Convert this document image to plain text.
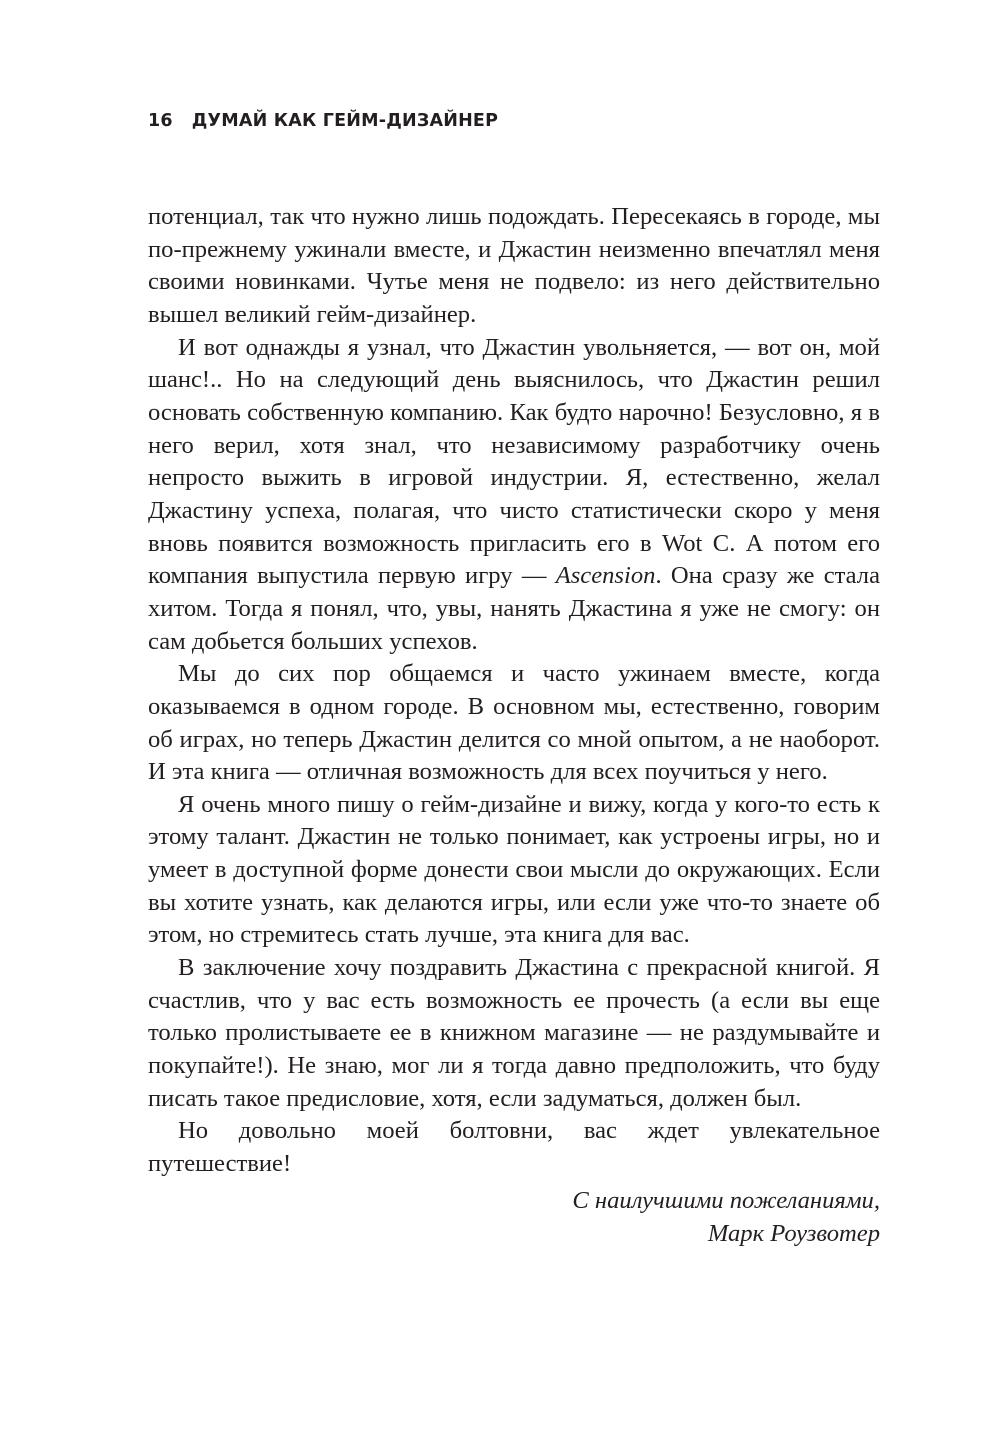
16 ДУМАЙ КАК ГЕЙМ-ДИЗАЙНЕР

потенциал, так что нужно лишь подождать. Пересекаясь в городе, мы по-прежнему ужинали вместе, и Джастин неизменно впечатлял меня своими новинками. Чутье меня не подвело: из него действительно вышел великий гейм-дизайнер.

И вот однажды я узнал, что Джастин увольняется, — вот он, мой шанс!.. Но на следующий день выяснилось, что Джастин решил основать собственную компанию. Как будто нарочно! Безусловно, я в него верил, хотя знал, что независимому разработчику очень непросто выжить в игровой индустрии. Я, естественно, желал Джастину успеха, полагая, что чисто статистически скоро у меня вновь появится возможность пригласить его в Wot C. А потом его компания выпустила первую игру — Ascension. Она сразу же стала хитом. Тогда я понял, что, увы, нанять Джастина я уже не смогу: он сам добьется больших успехов.

Мы до сих пор общаемся и часто ужинаем вместе, когда оказываемся в одном городе. В основном мы, естественно, говорим об играх, но теперь Джастин делится со мной опытом, а не наоборот. И эта книга — отличная возможность для всех поучиться у него.

Я очень много пишу о гейм-дизайне и вижу, когда у кого-то есть к этому талант. Джастин не только понимает, как устроены игры, но и умеет в доступной форме донести свои мысли до окружающих. Если вы хотите узнать, как делаются игры, или если уже что-то знаете об этом, но стремитесь стать лучше, эта книга для вас.

В заключение хочу поздравить Джастина с прекрасной книгой. Я счастлив, что у вас есть возможность ее прочесть (а если вы еще только пролистываете ее в книжном магазине — не раздумывайте и покупайте!). Не знаю, мог ли я тогда давно предположить, что буду писать такое предисловие, хотя, если задуматься, должен был.

Но довольно моей болтовни, вас ждет увлекательное путешествие!

С наилучшими пожеланиями,
Марк Роузвотер
